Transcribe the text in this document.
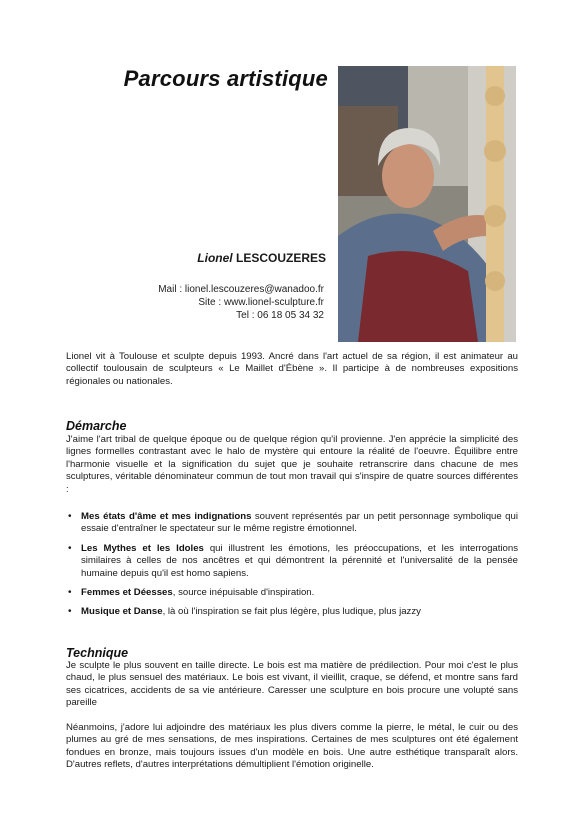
Parcours artistique
Lionel LESCOUZERES
Mail : lionel.lescouzeres@wanadoo.fr
Site : www.lionel-sculpture.fr
Tel : 06 18 05 34 32
Lionel vit à Toulouse et sculpte depuis 1993. Ancré dans l'art actuel de sa région, il est animateur au collectif toulousain de sculpteurs « Le Maillet d'Ébène ». Il participe à de nombreuses expositions régionales ou nationales.
Démarche
J'aime l'art tribal de quelque époque ou de quelque région qu'il provienne. J'en apprécie la simplicité des lignes formelles contrastant avec le halo de mystère qui entoure la réalité de l'oeuvre. Équilibre entre l'harmonie visuelle et la signification du sujet que je souhaite retranscrire dans chacune de mes sculptures, véritable dénominateur commun de tout mon travail qui s'inspire de quatre sources différentes :
• Mes états d'âme et mes indignations souvent représentés par un petit personnage symbolique qui essaie d'entraîner le spectateur sur le même registre émotionnel.
• Les Mythes et les Idoles qui illustrent les émotions, les préoccupations, et les interrogations similaires à celles de nos ancêtres et qui démontrent la pérennité et l'universalité de la pensée humaine depuis qu'il est homo sapiens.
• Femmes et Déesses, source inépuisable d'inspiration.
• Musique et Danse, là où l'inspiration se fait plus légère, plus ludique, plus jazzy
Technique
Je sculpte le plus souvent en taille directe. Le bois est ma matière de prédilection. Pour moi c'est le plus chaud, le plus sensuel des matériaux. Le bois est vivant, il vieillit, craque, se défend, et montre sans fard ses cicatrices, accidents de sa vie antérieure. Caresser une sculpture en bois procure une volupté sans pareille
Néanmoins, j'adore lui adjoindre des matériaux les plus divers comme la pierre, le métal, le cuir ou des plumes au gré de mes sensations, de mes inspirations. Certaines de mes sculptures ont été également fondues en bronze, mais toujours issues d'un modèle en bois. Une autre esthétique transparaît alors. D'autres reflets, d'autres interprétations démultiplient l'émotion originelle.
